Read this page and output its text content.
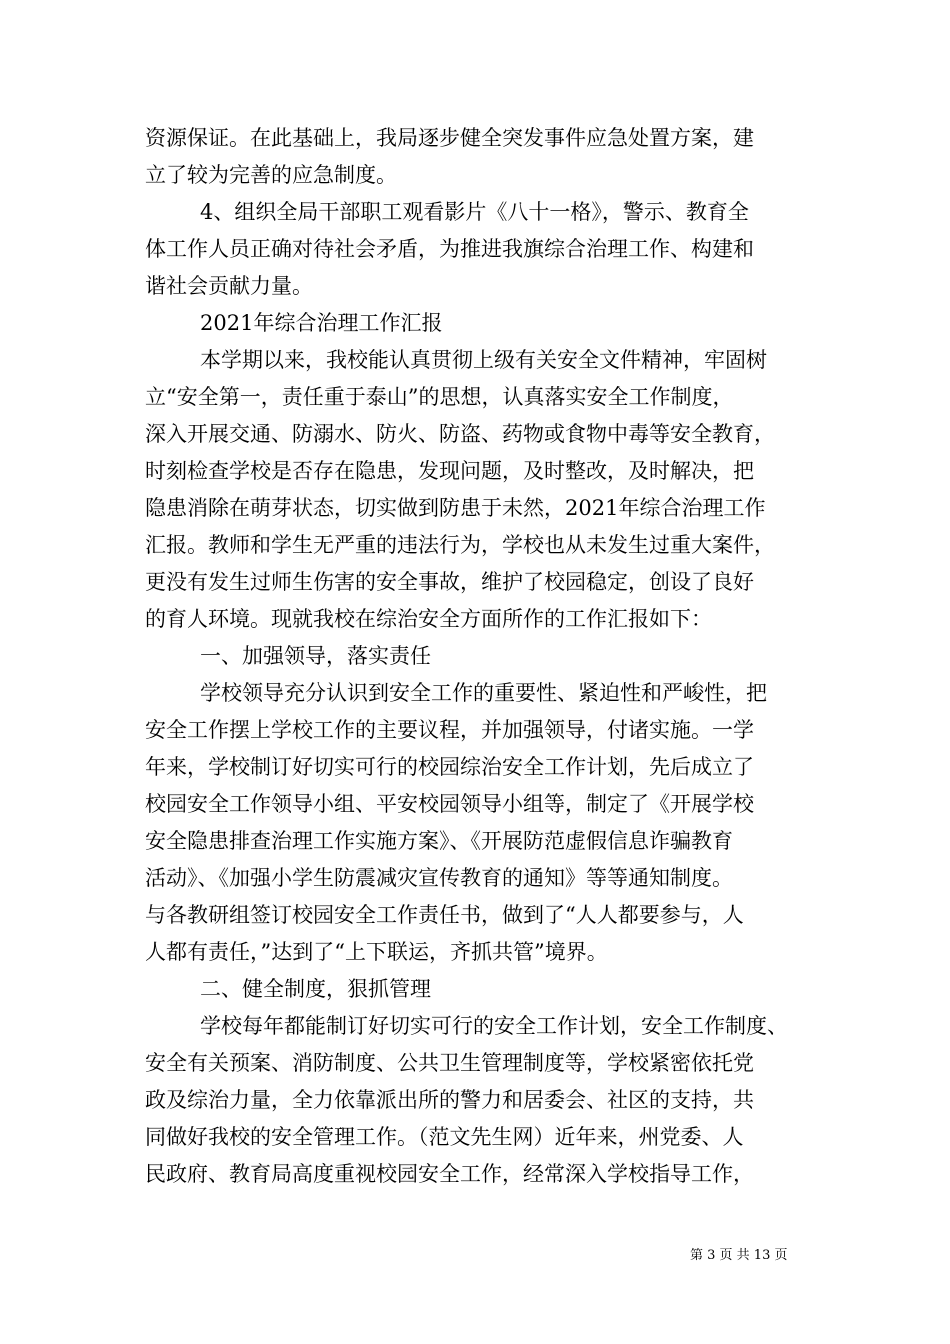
资源保证。在此基础上，我局逐步健全突发事件应急处置方案，建
立了较为完善的应急制度。
4、组织全局干部职工观看影片《八十一格》，警示、教育全
体工作人员正确对待社会矛盾，为推进我旗综合治理工作、构建和
谐社会贡献力量。
2021年综合治理工作汇报
本学期以来，我校能认真贯彻上级有关安全文件精神，牢固树
立“安全第一，责任重于泰山”的思想，认真落实安全工作制度，
深入开展交通、防溺水、防火、防盗、药物或食物中毒等安全教育，
时刻检查学校是否存在隐患，发现问题，及时整改，及时解决，把
隐患消除在萌芽状态，切实做到防患于未然，2021年综合治理工作
汇报。教师和学生无严重的违法行为，学校也从未发生过重大案件，
更没有发生过师生伤害的安全事故，维护了校园稳定，创设了良好
的育人环境。现就我校在综治安全方面所作的工作汇报如下：
一、加强领导，落实责任
学校领导充分认识到安全工作的重要性、紧迫性和严峻性，把
安全工作摆上学校工作的主要议程，并加强领导，付诸实施。一学
年来，学校制订好切实可行的校园综治安全工作计划，先后成立了
校园安全工作领导小组、平安校园领导小组等，制定了《开展学校
安全隐患排查治理工作实施方案》、《开展防范虚假信息诈骗教育
活动》、《加强小学生防震减灾宣传教育的通知》等等通知制度。
与各教研组签订校园安全工作责任书，做到了“人人都要参与，人
人都有责任，”达到了“上下联运，齐抓共管”境界。
二、健全制度，狠抓管理
学校每年都能制订好切实可行的安全工作计划，安全工作制度、
安全有关预案、消防制度、公共卫生管理制度等，学校紧密依托党
政及综治力量，全力依靠派出所的警力和居委会、社区的支持，共
同做好我校的安全管理工作。（范文先生网）近年来，州党委、人
民政府、教育局高度重视校园安全工作，经常深入学校指导工作，
第 3 页 共 13 页
